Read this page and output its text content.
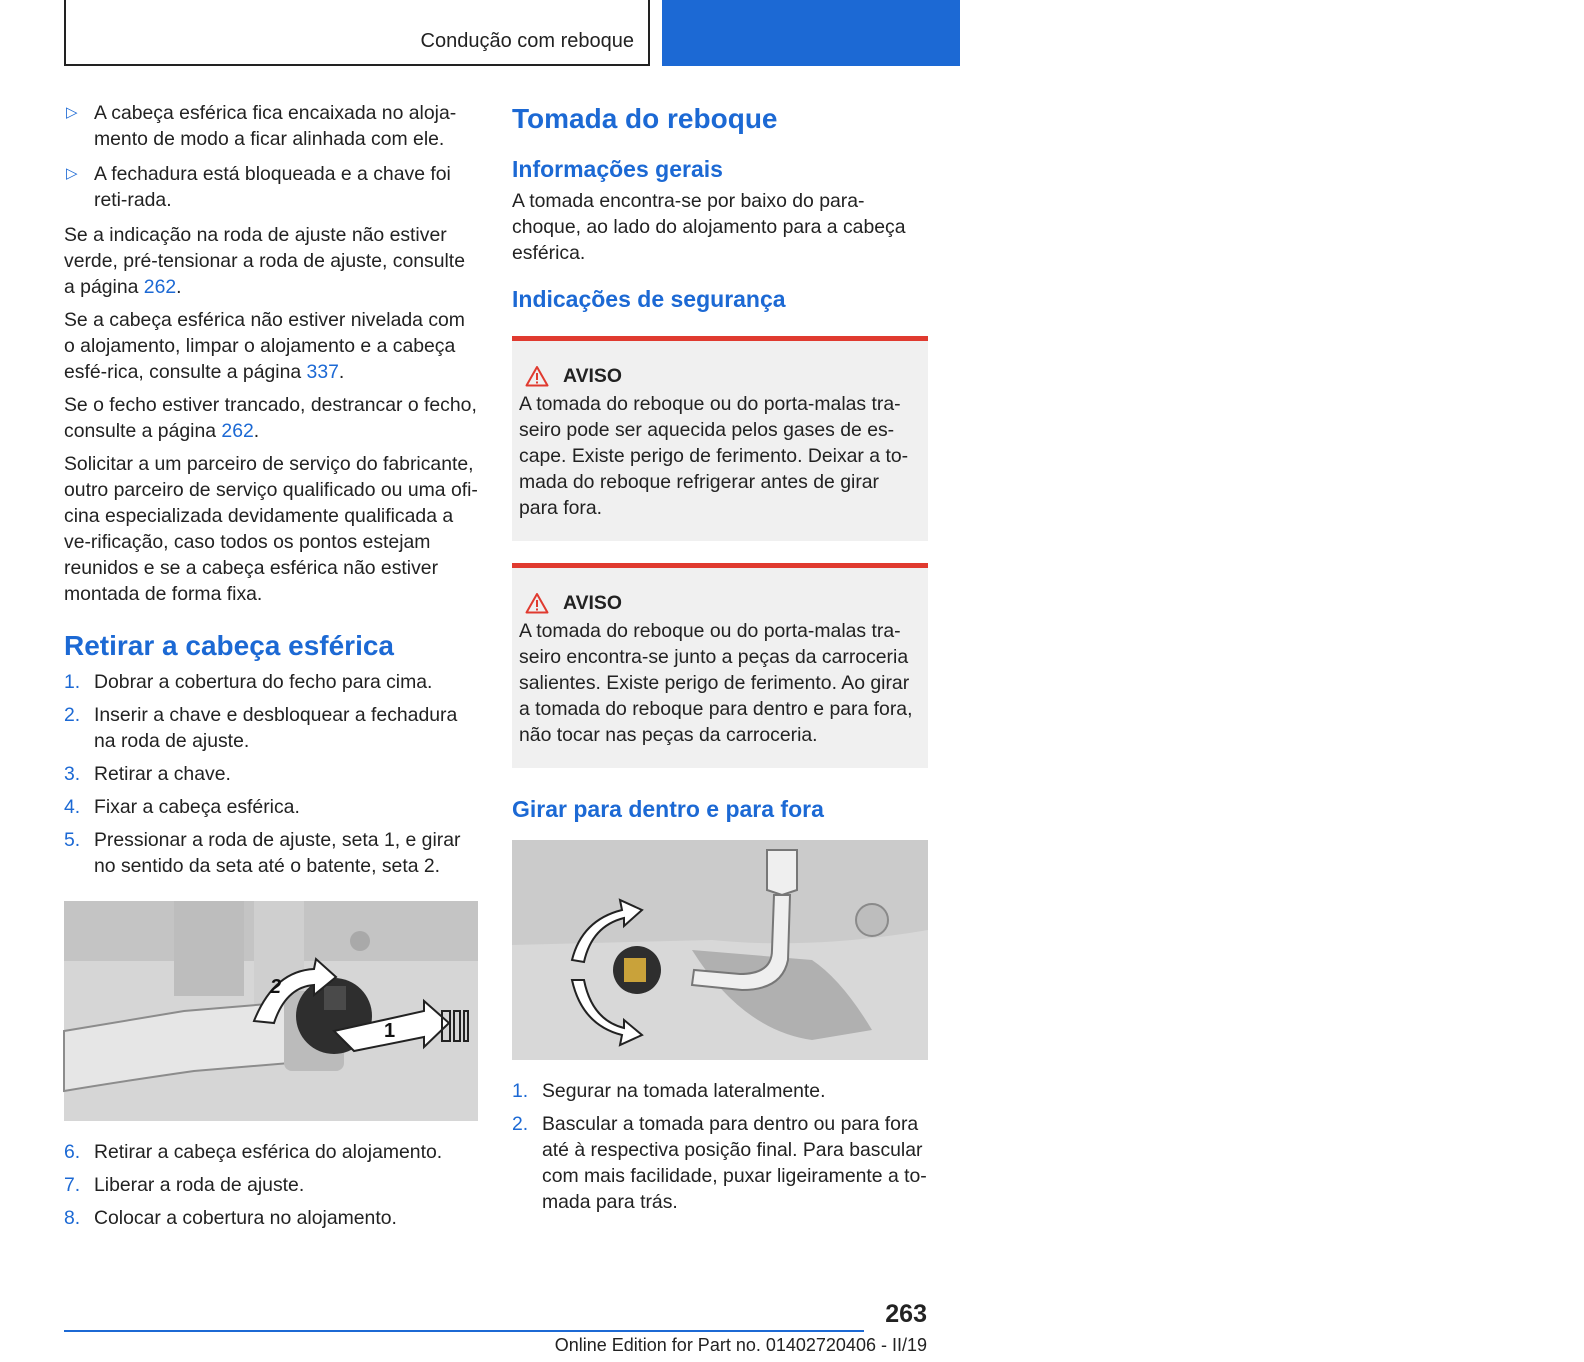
Condução com reboque	DIRIGIR
▷ A cabeça esférica fica encaixada no aloja‐mento de modo a ficar alinhada com ele.
▷ A fechadura está bloqueada e a chave foi reti‐rada.

Se a indicação na roda de ajuste não estiver verde, pré-tensionar a roda de ajuste, consulte a página 262.

Se a cabeça esférica não estiver nivelada com o alojamento, limpar o alojamento e a cabeça esfé‐rica, consulte a página 337.

Se o fecho estiver trancado, destrancar o fecho, consulte a página 262.

Solicitar a um parceiro de serviço do fabricante, outro parceiro de serviço qualificado ou uma ofi‐cina especializada devidamente qualificada a ve‐rificação, caso todos os pontos estejam reunidos e se a cabeça esférica não estiver montada de forma fixa.

Retirar a cabeça esférica
1. Dobrar a cobertura do fecho para cima.
2. Inserir a chave e desbloquear a fechadura na roda de ajuste.
3. Retirar a chave.
4. Fixar a cabeça esférica.
5. Pressionar a roda de ajuste, seta 1, e girar no sentido da seta até o batente, seta 2.
1
2
6. Retirar a cabeça esférica do alojamento.
7. Liberar a roda de ajuste.
8. Colocar a cobertura no alojamento.
Tomada do reboque
Informações gerais

A tomada encontra-se por baixo do para-choque, ao lado do alojamento para a cabeça esférica.

Indicações de segurança
AVISO
A tomada do reboque ou do porta-malas tra‐seiro pode ser aquecida pelos gases de es‐cape. Existe perigo de ferimento. Deixar a to‐mada do reboque refrigerar antes de girar para fora.
AVISO
A tomada do reboque ou do porta-malas tra‐seiro encontra-se junto a peças da carroceria salientes. Existe perigo de ferimento. Ao girar a tomada do reboque para dentro e para fora, não tocar nas peças da carroceria.
Girar para dentro e para fora
1. Segurar na tomada lateralmente.
2. Bascular a tomada para dentro ou para fora até à respectiva posição final. Para bascular com mais facilidade, puxar ligeiramente a to‐mada para trás.
263
Online Edition for Part no. 01402720406 - II/19
